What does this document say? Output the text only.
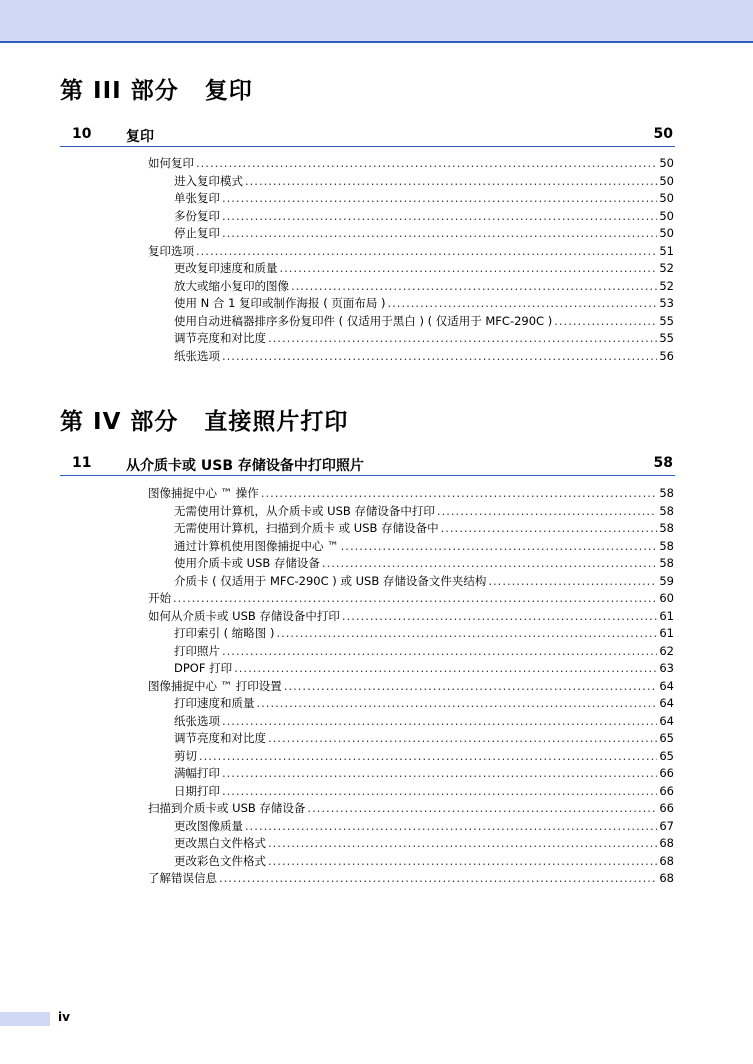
第 III 部分 复印
10 复印	50
如何复印 .....	50
进入复印模式 .....	50
单张复印 .....	50
多份复印 .....	50
停止复印 .....	50
复印选项 .....	51
更改复印速度和质量 .....	52
放大或缩小复印的图像 .....	52
使用 N 合 1 复印或制作海报 ( 页面布局 ) .....	53
使用自动进稿器排序多份复印件 ( 仅适用于黑白 ) ( 仅适用于 MFC-290C ) .....	55
调节亮度和对比度 .....	55
纸张选项 .....	56
第 IV 部分 直接照片打印
11 从介质卡或 USB 存储设备中打印照片	58
图像捕捉中心 ™ 操作 .....	58
无需使用计算机，从介质卡或 USB 存储设备中打印 .....	58
无需使用计算机，扫描到介质卡 或 USB 存储设备中 .....	58
通过计算机使用图像捕捉中心 ™ .....	58
使用介质卡或 USB 存储设备 .....	58
介质卡 ( 仅适用于 MFC-290C ) 或 USB 存储设备文件夹结构 .....	59
开始 .....	60
如何从介质卡或 USB 存储设备中打印 .....	61
打印索引 ( 缩略图 ) .....	61
打印照片 .....	62
DPOF 打印 .....	63
图像捕捉中心 ™ 打印设置 .....	64
打印速度和质量 .....	64
纸张选项 .....	64
调节亮度和对比度 .....	65
剪切 .....	65
满幅打印 .....	66
日期打印 .....	66
扫描到介质卡或 USB 存储设备 .....	66
更改图像质量 .....	67
更改黑白文件格式 .....	68
更改彩色文件格式 .....	68
了解错误信息 .....	68
iv
